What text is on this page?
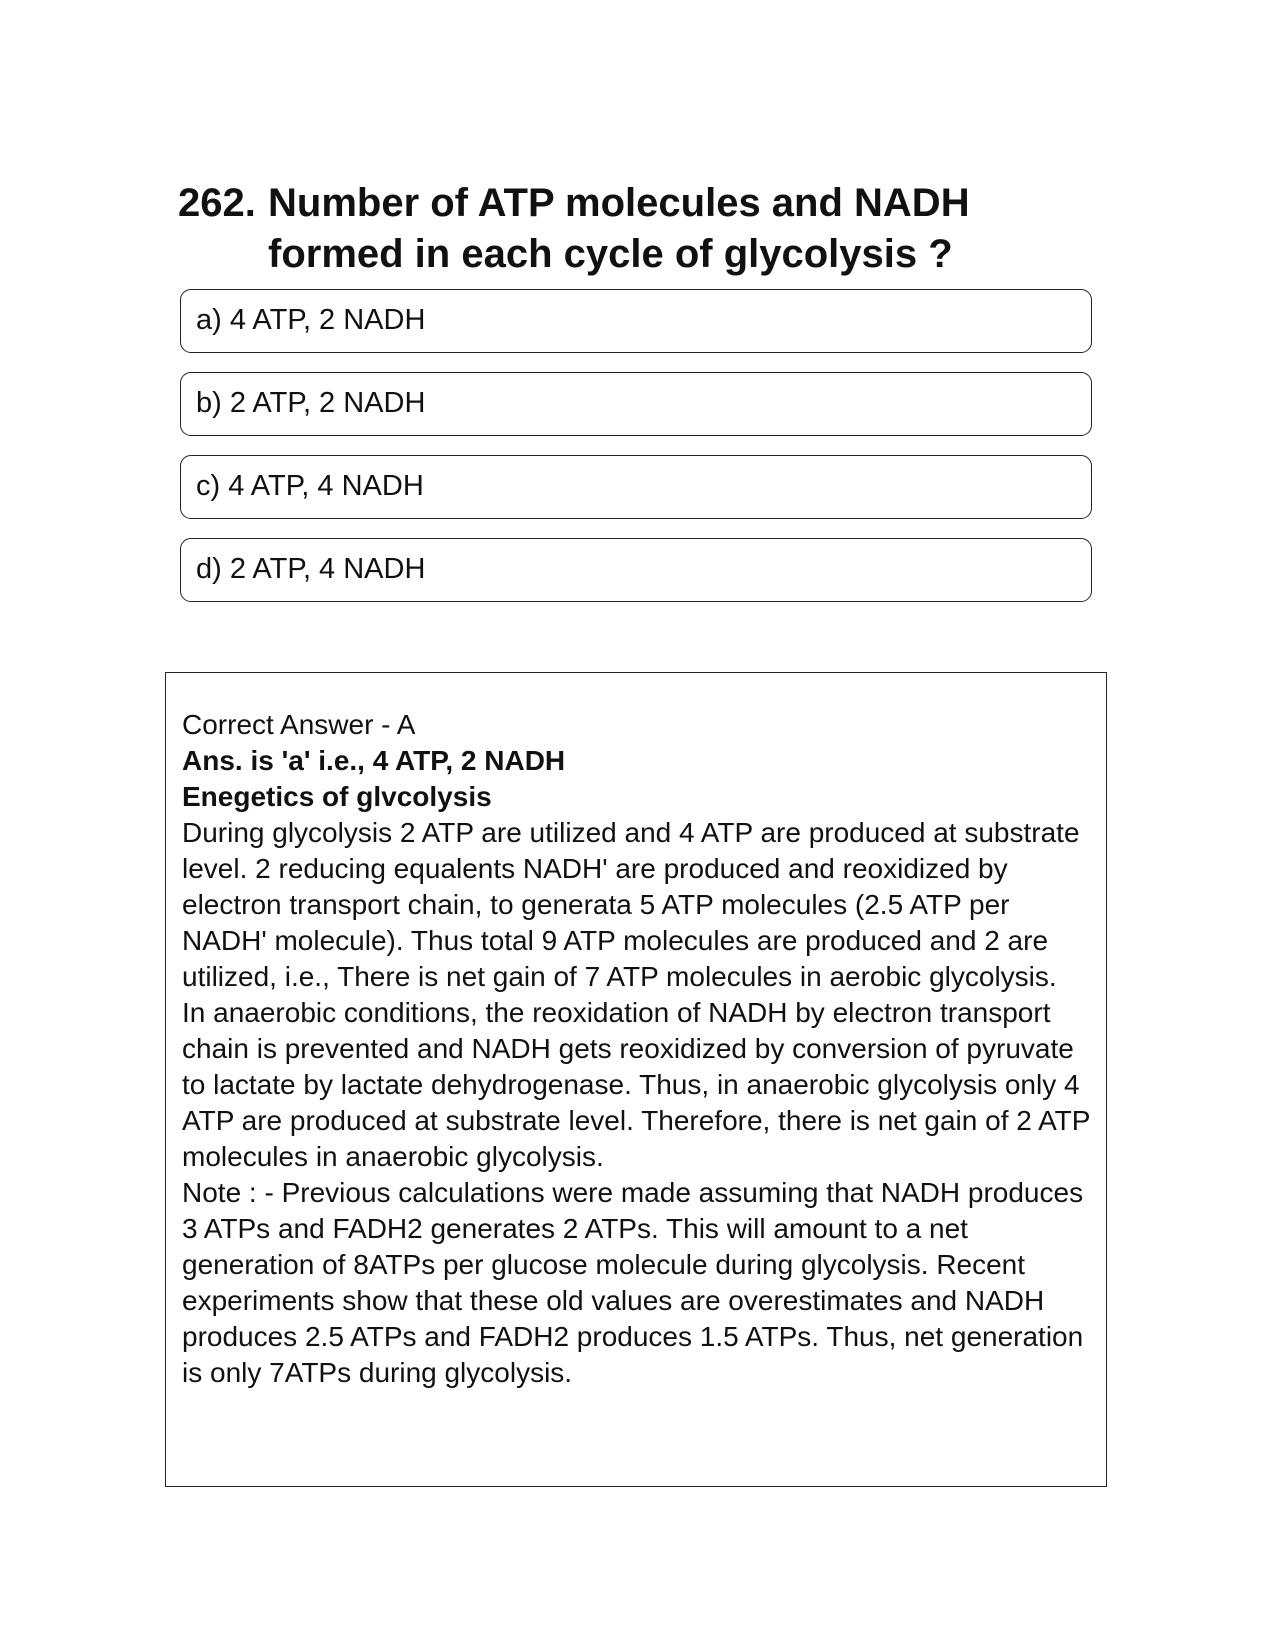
262. Number of ATP molecules and NADH formed in each cycle of glycolysis ?
a) 4 ATP, 2 NADH
b) 2 ATP, 2 NADH
c) 4 ATP, 4 NADH
d) 2 ATP, 4 NADH
Correct Answer - A
Ans. is 'a' i.e., 4 ATP, 2 NADH
Enegetics of glvcolysis
During glycolysis 2 ATP are utilized and 4 ATP are produced at substrate level. 2 reducing equalents NADH' are produced and reoxidized by electron transport chain, to generata 5 ATP molecules (2.5 ATP per NADH' molecule). Thus total 9 ATP molecules are produced and 2 are utilized, i.e., There is net gain of 7 ATP molecules in aerobic glycolysis.
In anaerobic conditions, the reoxidation of NADH by electron transport chain is prevented and NADH gets reoxidized by conversion of pyruvate to lactate by lactate dehydrogenase. Thus, in anaerobic glycolysis only 4 ATP are produced at substrate level. Therefore, there is net gain of 2 ATP molecules in anaerobic glycolysis.
Note : - Previous calculations were made assuming that NADH produces 3 ATPs and FADH2 generates 2 ATPs. This will amount to a net generation of 8ATPs per glucose molecule during glycolysis. Recent experiments show that these old values are overestimates and NADH produces 2.5 ATPs and FADH2 produces 1.5 ATPs. Thus, net generation is only 7ATPs during glycolysis.
